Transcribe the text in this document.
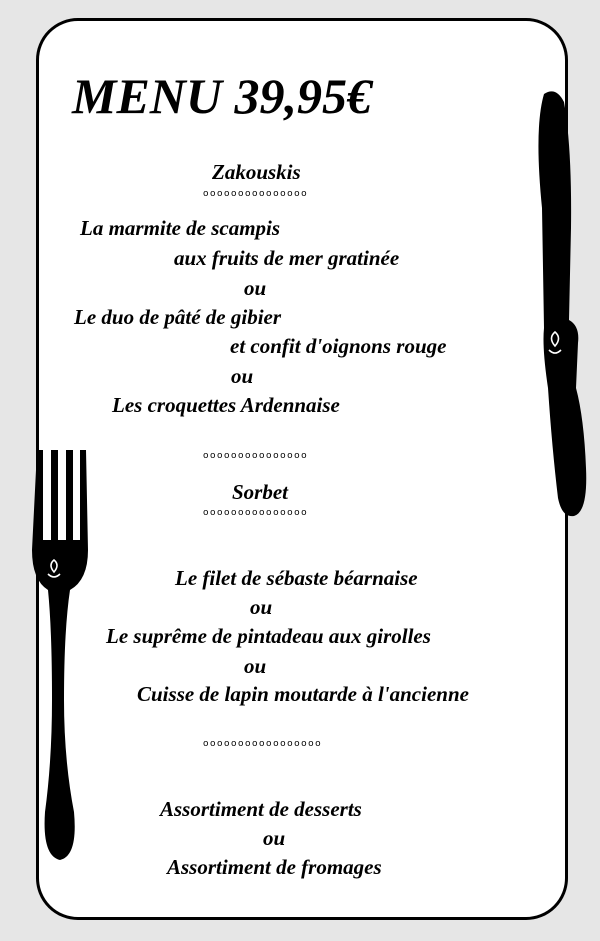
MENU 39,95€

Zakouskis

ooooooooooooooo

La marmite de scampis

aux fruits de mer gratinée

ou

Le duo de pâté de gibier

et confit d'oignons rouge

ou

Les croquettes Ardennaise

ooooooooooooooo

Sorbet

ooooooooooooooo

Le filet de sébaste béarnaise

ou

Le suprême de pintadeau aux girolles

ou

Cuisse de lapin moutarde à l'ancienne

ooooooooooooooooo

Assortiment de desserts

ou

Assortiment de fromages
